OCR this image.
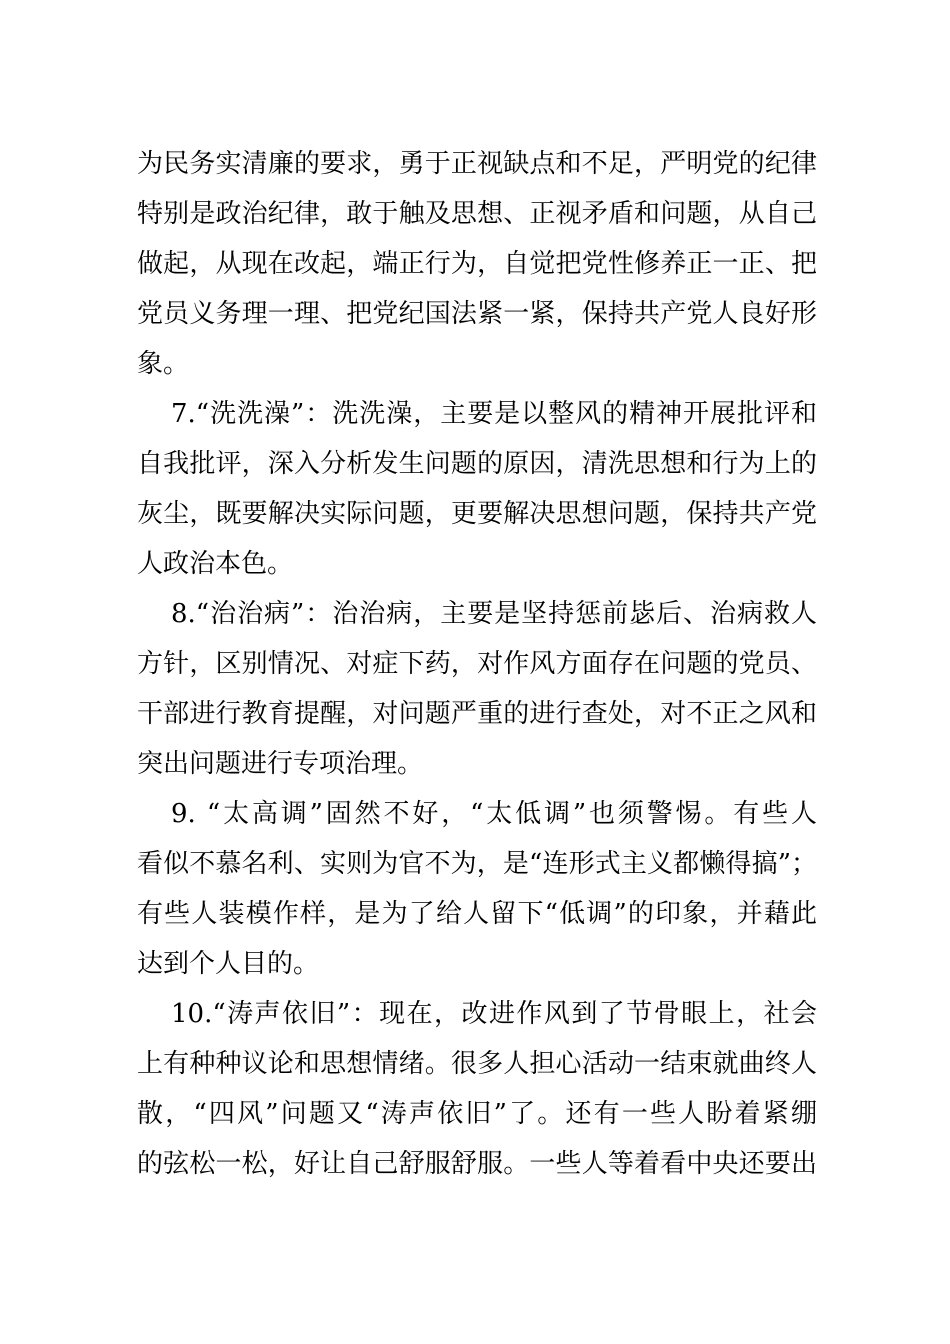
为民务实清廉的要求，勇于正视缺点和不足，严明党的纪律
特别是政治纪律，敢于触及思想、正视矛盾和问题，从自己
做起，从现在改起，端正行为，自觉把党性修养正一正、把
党员义务理一理、把党纪国法紧一紧，保持共产党人良好形
象。
7.“洗洗澡”：洗洗澡，主要是以整风的精神开展批评和
自我批评，深入分析发生问题的原因，清洗思想和行为上的
灰尘，既要解决实际问题，更要解决思想问题，保持共产党
人政治本色。
8.“治治病”：治治病，主要是坚持惩前毖后、治病救人
方针，区别情况、对症下药，对作风方面存在问题的党员、
干部进行教育提醒，对问题严重的进行查处，对不正之风和
突出问题进行专项治理。
9. “太高调”固然不好，“太低调”也须警惕。有些人
看似不慕名利、实则为官不为，是“连形式主义都懒得搞”；
有些人装模作样，是为了给人留下“低调”的印象，并藉此
达到个人目的。
10.“涛声依旧”：现在，改进作风到了节骨眼上，社会
上有种种议论和思想情绪。很多人担心活动一结束就曲终人
散，“四风”问题又“涛声依旧”了。还有一些人盼着紧绷
的弦松一松，好让自己舒服舒服。一些人等着看中央还要出
